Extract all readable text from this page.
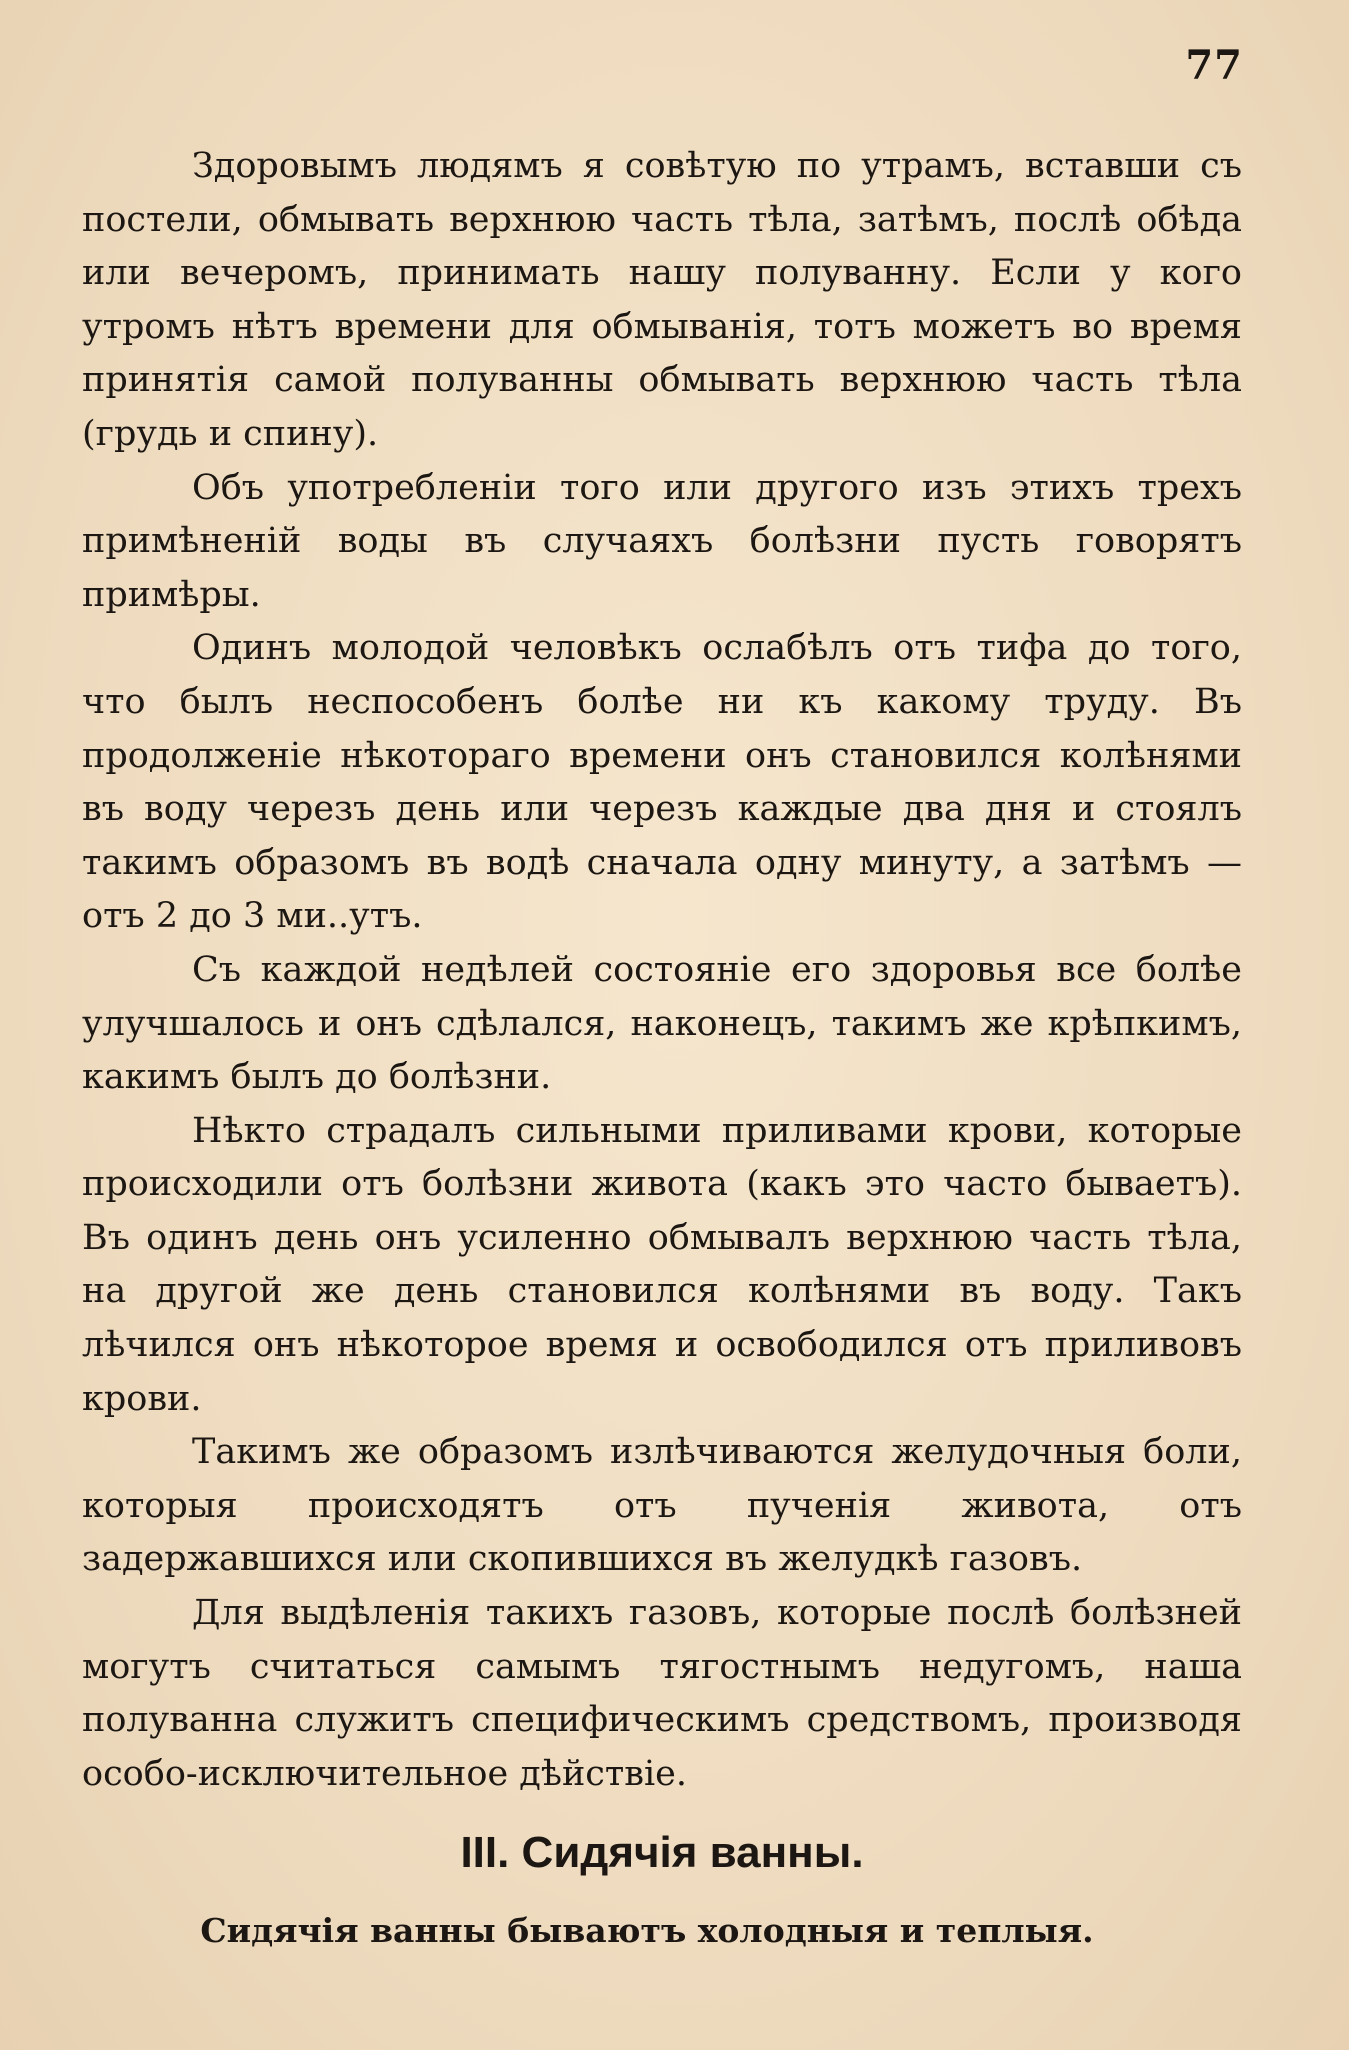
77

Здоровымъ людямъ я совѣтую по утрамъ, вставши съ постели, обмывать верхнюю часть тѣла, затѣмъ, послѣ обѣда или вечеромъ, принимать нашу полуванну. Если у кого утромъ нѣтъ времени для обмыванія, тотъ можетъ во время принятія самой полуванны обмывать верхнюю часть тѣла (грудь и спину).

Объ употребленіи того или другого изъ этихъ трехъ примѣненій воды въ случаяхъ болѣзни пусть говорятъ примѣры.

Одинъ молодой человѣкъ ослабѣлъ отъ тифа до того, что былъ неспособенъ болѣе ни къ какому труду. Въ продолженіе нѣкотораго времени онъ становился колѣнями въ воду черезъ день или черезъ каждые два дня и стоялъ такимъ образомъ въ водѣ сначала одну минуту, а затѣмъ —отъ 2 до 3 ми..утъ.

Съ каждой недѣлей состояніе его здоровья все болѣе улучшалось и онъ сдѣлался, наконецъ, такимъ же крѣпкимъ, какимъ былъ до болѣзни.

Нѣкто страдалъ сильными приливами крови, которые происходили отъ болѣзни живота (какъ это часто бываетъ). Въ одинъ день онъ усиленно обмывалъ верхнюю часть тѣла, на другой же день становился колѣнями въ воду. Такъ лѣчился онъ нѣкоторое время и освободился отъ приливовъ крови.

Такимъ же образомъ излѣчиваются желудочныя боли, которыя происходятъ отъ пученія живота, отъ задержавшихся или скопившихся въ желудкѣ газовъ.

Для выдѣленія такихъ газовъ, которые послѣ болѣзней могутъ считаться самымъ тягостнымъ недугомъ, наша полуванна служитъ специфическимъ средствомъ, производя особо-исключительное дѣйствіе.

III. Сидячія ванны.

Сидячія ванны бываютъ холодныя и теплыя.
